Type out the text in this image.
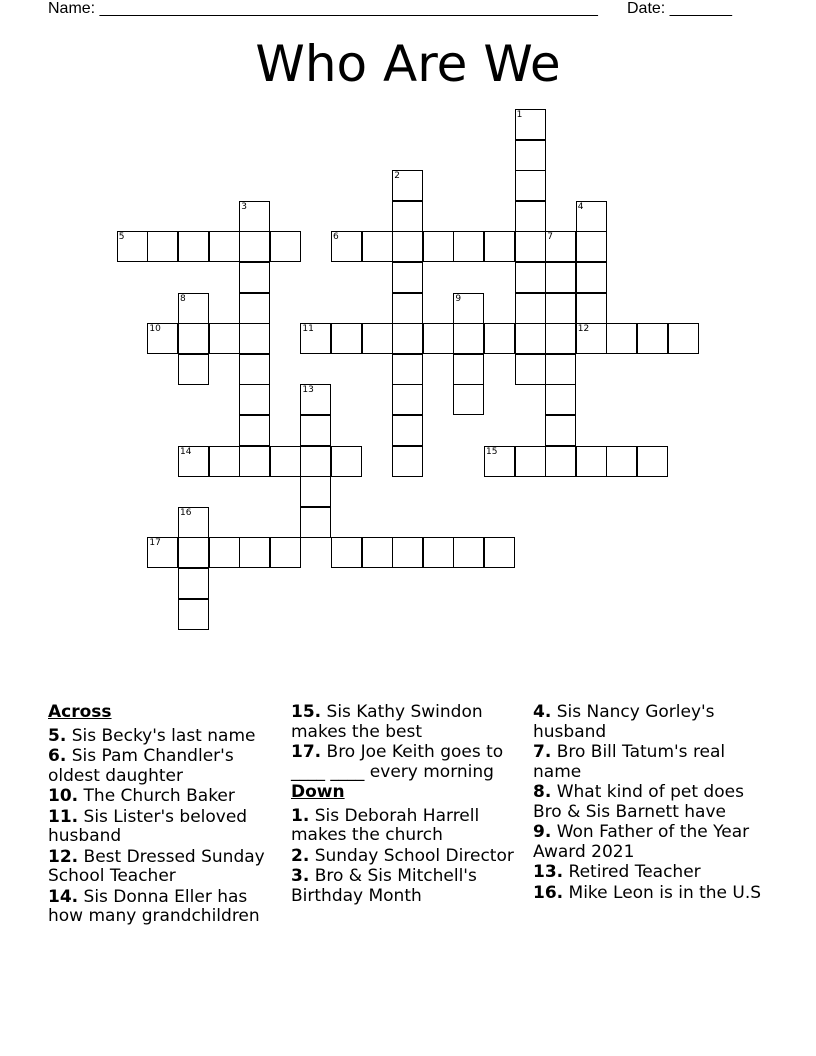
Name: ________________________________________________________ Date: _______
Who Are We
1
2
3	4
5	6	7
8	9
10	11	12
13
14	15
16
17
Across
5. Sis Becky's last name
6. Sis Pam Chandler's oldest daughter
10. The Church Baker
11. Sis Lister's beloved husband
12. Best Dressed Sunday School Teacher
14. Sis Donna Eller has how many grandchildren
15. Sis Kathy Swindon makes the best
17. Bro Joe Keith goes to ____ ____ every morning
Down
1. Sis Deborah Harrell makes the church
2. Sunday School Director
3. Bro & Sis Mitchell's Birthday Month
4. Sis Nancy Gorley's husband
7. Bro Bill Tatum's real name
8. What kind of pet does Bro & Sis Barnett have
9. Won Father of the Year Award 2021
13. Retired Teacher
16. Mike Leon is in the U.S
